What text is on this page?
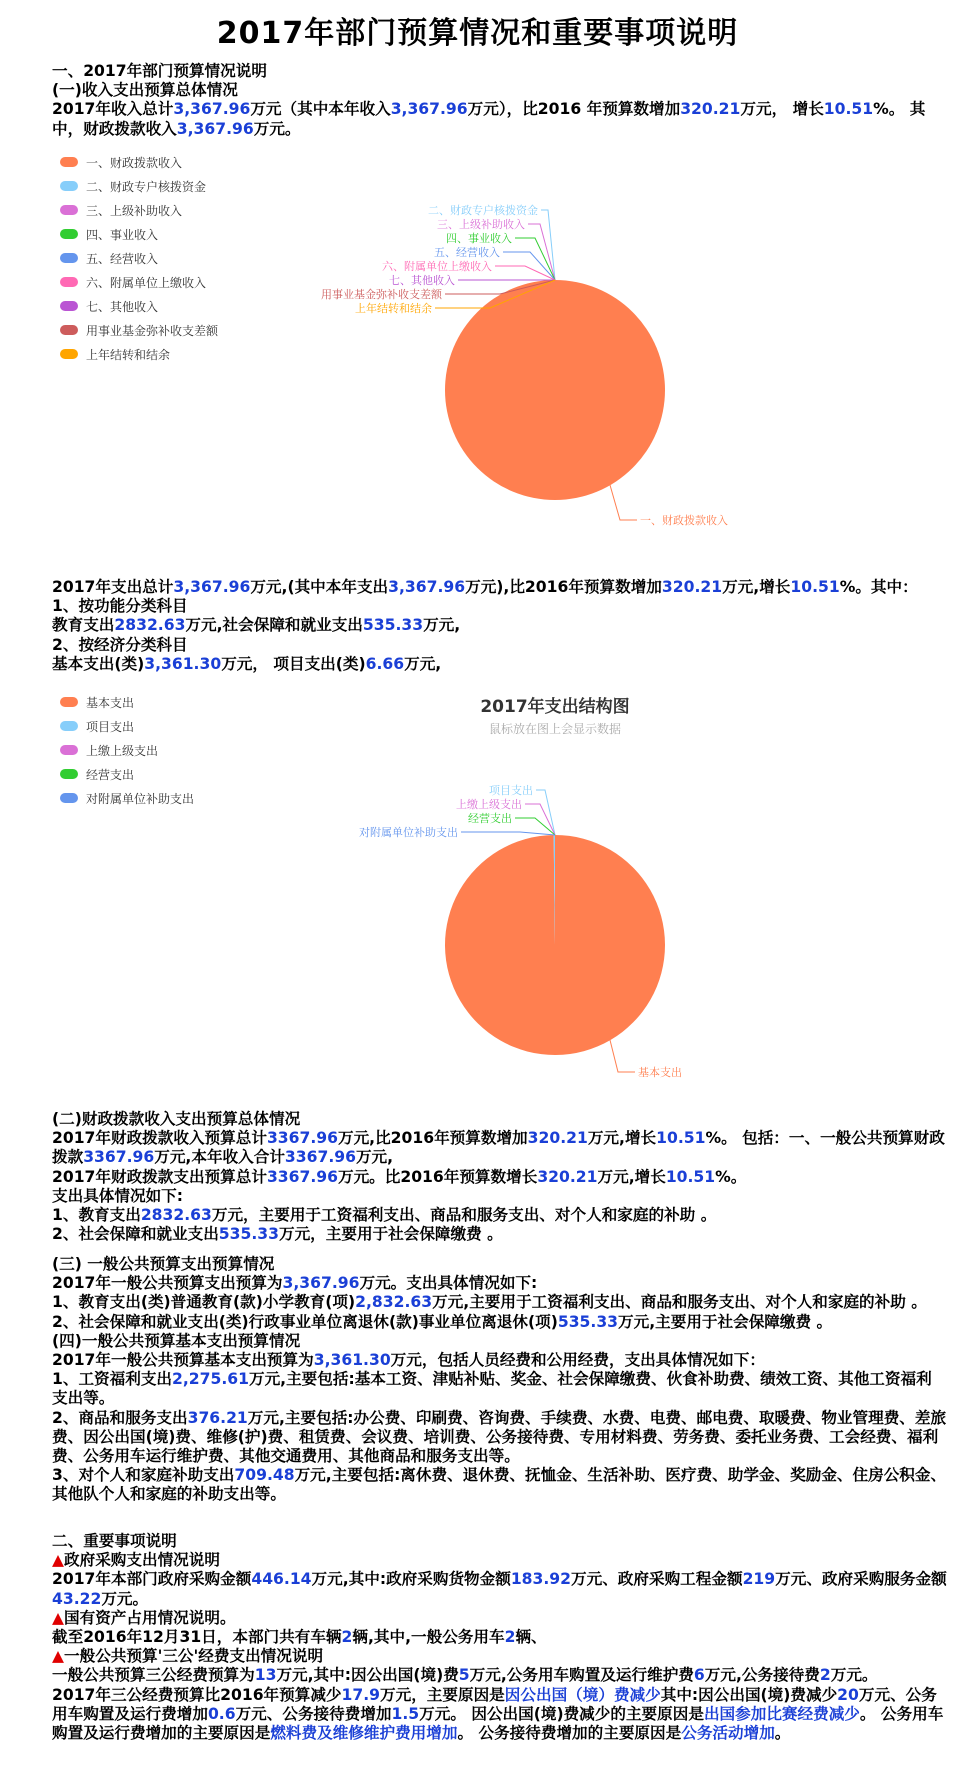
2017年部门预算情况和重要事项说明

一、2017年部门预算情况说明

(一)收入支出预算总体情况

2017年收入总计3,367.96万元（其中本年收入3,367.96万元），比2016 年预算数增加320.21万元， 增长10.51%。 其中，财政拨款收入3,367.96万元。

一、财政拨款收入
二、财政专户核拨资金
三、上级补助收入
四、事业收入
五、经营收入
六、附属单位上缴收入
七、其他收入
用事业基金弥补收支差额
上年结转和结余
一、财政拨款收入
二、财政专户核拨资金
三、上级补助收入
四、事业收入
五、经营收入
六、附属单位上缴收入
七、其他收入
用事业基金弥补收支差额
上年结转和结余

2017年支出总计3,367.96万元,(其中本年支出3,367.96万元),比2016年预算数增加320.21万元,增长10.51%。其中：

1、按功能分类科目

教育支出2832.63万元,社会保障和就业支出535.33万元,

2、按经济分类科目

基本支出(类)3,361.30万元， 项目支出(类)6.66万元,

基本支出
项目支出
上缴上级支出
经营支出
对附属单位补助支出
2017年支出结构图
鼠标放在图上会显示数据
基本支出
项目支出
上缴上级支出
经营支出
对附属单位补助支出

(二)财政拨款收入支出预算总体情况

2017年财政拨款收入预算总计3367.96万元,比2016年预算数增加320.21万元,增长10.51%。 包括：一、一般公共预算财政拨款3367.96万元,本年收入合计3367.96万元,

2017年财政拨款支出预算总计3367.96万元。比2016年预算数增长320.21万元,增长10.51%。

支出具体情况如下:

1、教育支出2832.63万元，主要用于工资福利支出、商品和服务支出、对个人和家庭的补助 。

2、社会保障和就业支出535.33万元，主要用于社会保障缴费 。

(三) 一般公共预算支出预算情况

2017年一般公共预算支出预算为3,367.96万元。支出具体情况如下:

1、教育支出(类)普通教育(款)小学教育(项)2,832.63万元,主要用于工资福利支出、商品和服务支出、对个人和家庭的补助 。

2、社会保障和就业支出(类)行政事业单位离退休(款)事业单位离退休(项)535.33万元,主要用于社会保障缴费 。

(四)一般公共预算基本支出预算情况

2017年一般公共预算基本支出预算为3,361.30万元，包括人员经费和公用经费，支出具体情况如下：

1、工资福利支出2,275.61万元,主要包括:基本工资、津贴补贴、奖金、社会保障缴费、伙食补助费、绩效工资、其他工资福利支出等。

2、商品和服务支出376.21万元,主要包括:办公费、印刷费、咨询费、手续费、水费、电费、邮电费、取暖费、物业管理费、差旅费、因公出国(境)费、维修(护)费、租赁费、会议费、培训费、公务接待费、专用材料费、劳务费、委托业务费、工会经费、福利费、公务用车运行维护费、其他交通费用、其他商品和服务支出等。

3、对个人和家庭补助支出709.48万元,主要包括:离休费、退休费、抚恤金、生活补助、医疗费、助学金、奖励金、住房公积金、其他队个人和家庭的补助支出等。

二、重要事项说明

▲政府采购支出情况说明

2017年本部门政府采购金额446.14万元,其中:政府采购货物金额183.92万元、政府采购工程金额219万元、政府采购服务金额43.22万元。

▲国有资产占用情况说明。

截至2016年12月31日，本部门共有车辆2辆,其中,一般公务用车2辆、

▲一般公共预算'三公'经费支出情况说明

一般公共预算三公经费预算为13万元,其中:因公出国(境)费5万元,公务用车购置及运行维护费6万元,公务接待费2万元。

2017年三公经费预算比2016年预算减少17.9万元，主要原因是因公出国（境）费减少其中:因公出国(境)费减少20万元、公务用车购置及运行费增加0.6万元、公务接待费增加1.5万元。 因公出国(境)费减少的主要原因是出国参加比赛经费减少。 公务用车购置及运行费增加的主要原因是燃料费及维修维护费用增加。 公务接待费增加的主要原因是公务活动增加。
